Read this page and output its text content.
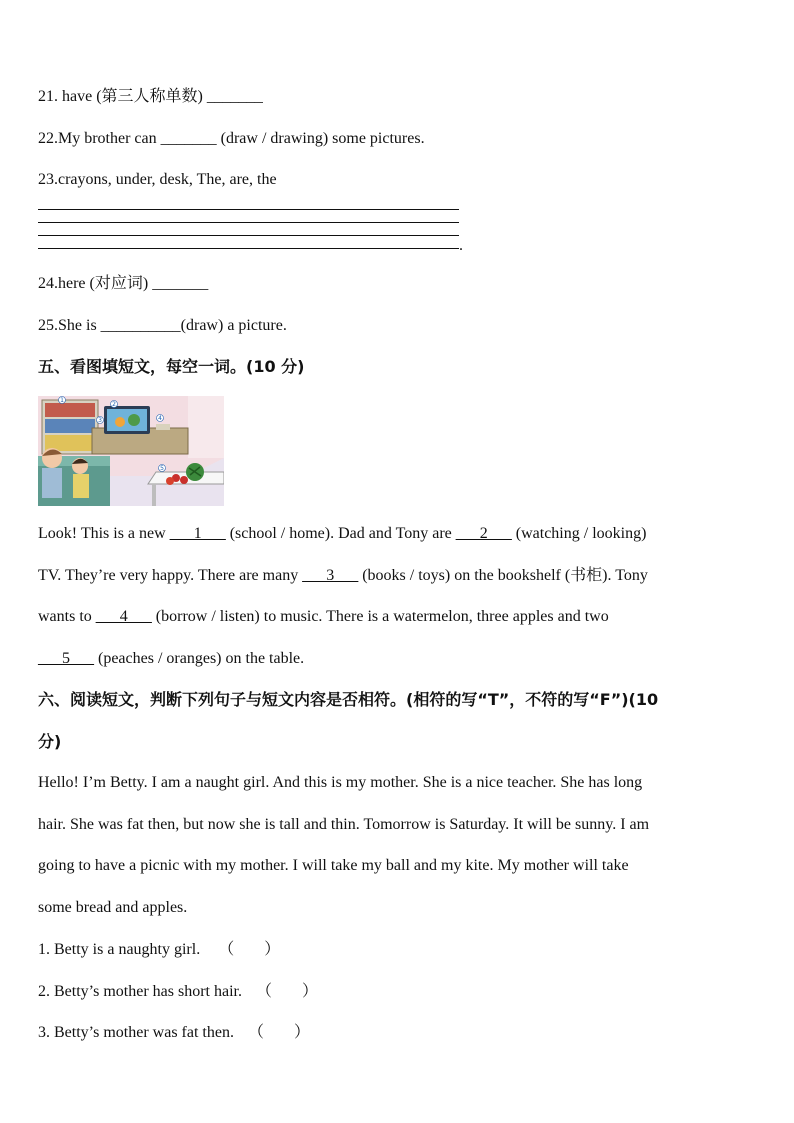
21. have (第三人称单数) _______
22.My brother can _______ (draw / drawing) some pictures.
23.crayons, under, desk, The, are, the
.
24.here (对应词) _______
25.She is __________(draw) a picture.
五、看图填短文，每空一词。(10 分)
1
2
3	4
5
Look! This is a new ___1___ (school / home). Dad and Tony are ___2___ (watching / looking)
TV. They’re very happy. There are many ___3___ (books / toys) on the bookshelf (书柜). Tony
wants to ___4___ (borrow / listen) to music. There is a watermelon, three apples and two
___5___ (peaches / oranges) on the table.
六、阅读短文，判断下列句子与短文内容是否相符。(相符的写“T”，不符的写“F”)(10
分)
Hello! I’m Betty. I am a naught girl. And this is my mother. She is a nice teacher. She has long
hair. She was fat then, but now she is tall and thin. Tomorrow is Saturday. It will be sunny. I am
going to have a picnic with my mother. I will take my ball and my kite. My mother will take
some bread and apples.
1. Betty is a naughty girl. （ ）
2. Betty’s mother has short hair. （ ）
3. Betty’s mother was fat then. （ ）
